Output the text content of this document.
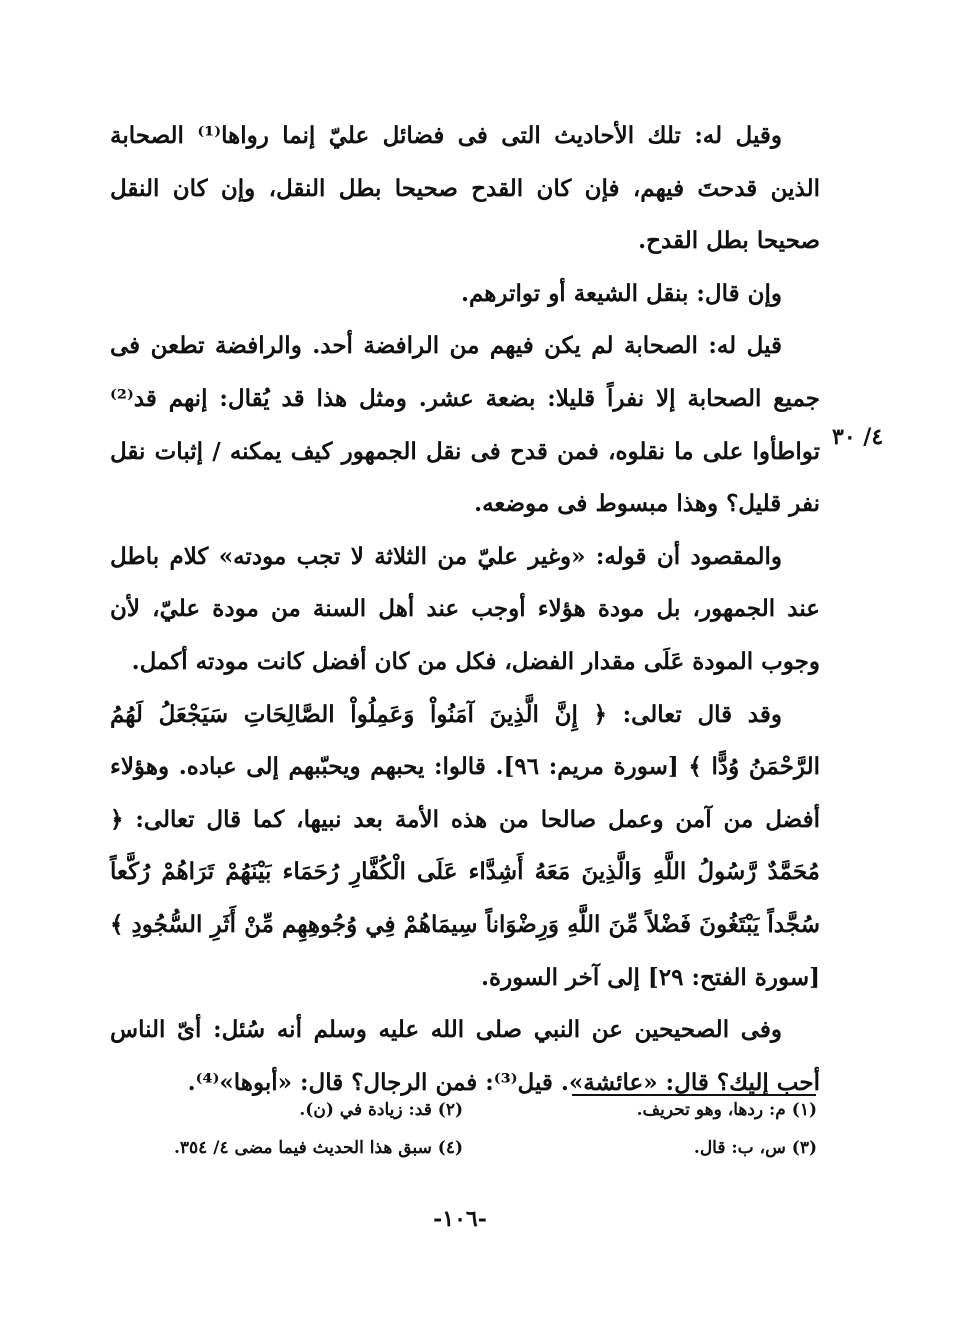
وقيل له: تلك الأحاديث التى فى فضائل عليّ إنما رواها⁽¹⁾ الصحابة الذين قدحتَ فيهم، فإن كان القدح صحيحا بطل النقل، وإن كان النقل صحيحا بطل القدح.

وإن قال: بنقل الشيعة أو تواترهم.

قيل له: الصحابة لم يكن فيهم من الرافضة أحد. والرافضة تطعن فى جميع الصحابة إلا نفراً قليلا: بضعة عشر. ومثل هذا قد يُقال: إنهم قد⁽²⁾ تواطأوا على ما نقلوه، فمن قدح فى نقل الجمهور كيف يمكنه / إثبات نقل نفر قليل؟ وهذا مبسوط فى موضعه.

والمقصود أن قوله: «وغير عليّ من الثلاثة لا تجب مودته» كلام باطل عند الجمهور، بل مودة هؤلاء أوجب عند أهل السنة من مودة عليّ، لأن وجوب المودة عَلَى مقدار الفضل، فكل من كان أفضل كانت مودته أكمل.

وقد قال تعالى: ﴿ إِنَّ الَّذِينَ آمَنُواْ وَعَمِلُواْ الصَّالِحَاتِ سَيَجْعَلُ لَهُمُ الرَّحْمَنُ وُدًّا ﴾ [سورة مريم: ٩٦]. قالوا: يحبهم ويحبّبهم إلى عباده. وهؤلاء أفضل من آمن وعمل صالحا من هذه الأمة بعد نبيها، كما قال تعالى: ﴿ مُحَمَّدٌ رَّسُولُ اللَّهِ وَالَّذِينَ مَعَهُ أَشِدَّاء عَلَى الْكُفَّارِ رُحَمَاء بَيْنَهُمْ تَرَاهُمْ رُكَّعاً سُجَّداً يَبْتَغُونَ فَضْلاً مِّنَ اللَّهِ وَرِضْوَاناً سِيمَاهُمْ فِي وُجُوهِهِم مِّنْ أَثَرِ السُّجُودِ ﴾ [سورة الفتح: ٢٩] إلى آخر السورة.

وفى الصحيحين عن النبي صلى الله عليه وسلم أنه سُئل: أىّ الناس أحب إليك؟ قال: «عائشة». قيل⁽³⁾: فمن الرجال؟ قال: «أبوها»⁽⁴⁾.

٤/ ٣٠
(١) م: ردها، وهو تحريف.
(٢) قد: زيادة في (ن).
(٣) س، ب: قال.
(٤) سبق هذا الحديث فيما مضى ٤/ ٣٥٤.
-١٠٦-
